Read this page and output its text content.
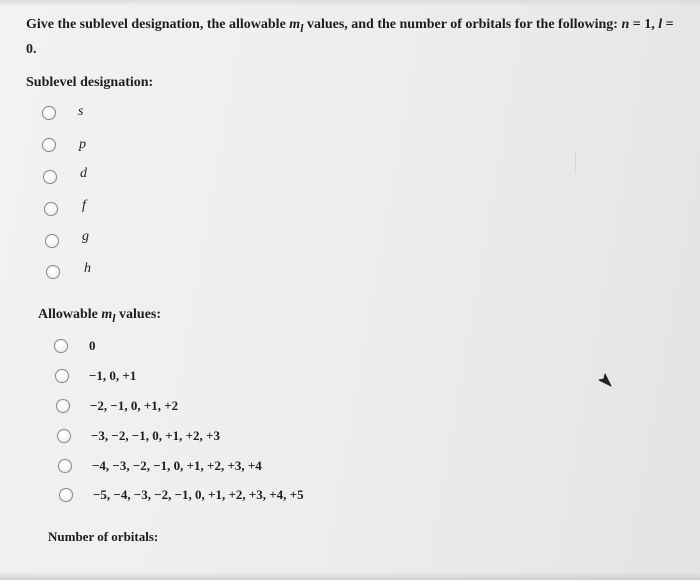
Give the sublevel designation, the allowable $m_l$ values, and the number of orbitals for the following: n = 1, l = 0.
Sublevel designation:
s
p
d
f
g
h
Allowable $m_l$ values:
0
−1, 0, +1
−2, −1, 0, +1, +2
−3, −2, −1, 0, +1, +2, +3
−4, −3, −2, −1, 0, +1, +2, +3, +4
−5, −4, −3, −2, −1, 0, +1, +2, +3, +4, +5
Number of orbitals:
